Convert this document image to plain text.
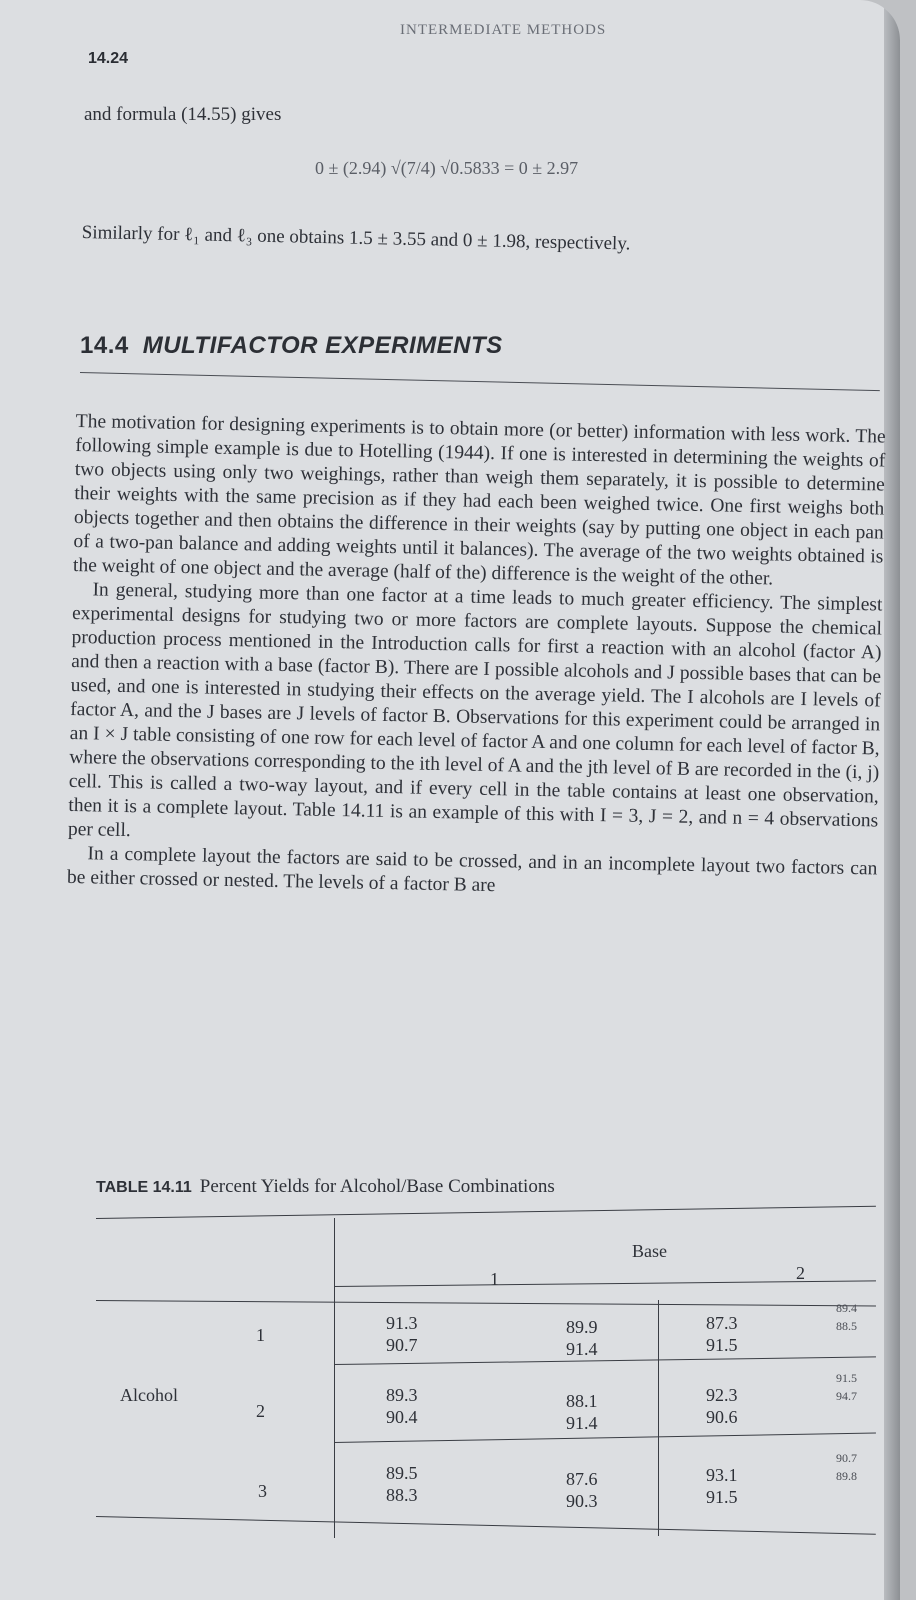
INTERMEDIATE METHODS
14.24
and formula (14.55) gives
0 ± (2.94) √(7/4) √0.5833 = 0 ± 2.97
Similarly for ℓ₁ and ℓ₃ one obtains 1.5 ± 3.55 and 0 ± 1.98, respectively.
14.4 MULTIFACTOR EXPERIMENTS

The motivation for designing experiments is to obtain more (or better) information with less work. The following simple example is due to Hotelling (1944). If one is interested in determining the weights of two objects using only two weighings, rather than weigh them separately, it is possible to determine their weights with the same precision as if they had each been weighed twice. One first weighs both objects together and then obtains the difference in their weights (say by putting one object in each pan of a two-pan balance and adding weights until it balances). The average of the two weights obtained is the weight of one object and the average (half of the) difference is the weight of the other.

In general, studying more than one factor at a time leads to much greater efficiency. The simplest experimental designs for studying two or more factors are complete layouts. Suppose the chemical production process mentioned in the Introduction calls for first a reaction with an alcohol (factor A) and then a reaction with a base (factor B). There are I possible alcohols and J possible bases that can be used, and one is interested in studying their effects on the average yield. The I alcohols are I levels of factor A, and the J bases are J levels of factor B. Observations for this experiment could be arranged in an I × J table consisting of one row for each level of factor A and one column for each level of factor B, where the observations corresponding to the ith level of A and the jth level of B are recorded in the (i, j) cell. This is called a two-way layout, and if every cell in the table contains at least one observation, then it is a complete layout. Table 14.11 is an example of this with I = 3, J = 2, and n = 4 observations per cell.

In a complete layout the factors are said to be crossed, and in an incomplete layout two factors can be either crossed or nested. The levels of a factor B are

TABLE 14.11 Percent Yields for Alcohol/Base Combinations
Base
1	2
Alcohol
1
91.3
90.7
89.9
91.4
87.3
91.5
89.4
88.5
2
89.3
90.4
88.1
91.4
92.3
90.6
91.5
94.7
3
89.5
88.3
87.6
90.3
93.1
91.5
90.7
89.8
